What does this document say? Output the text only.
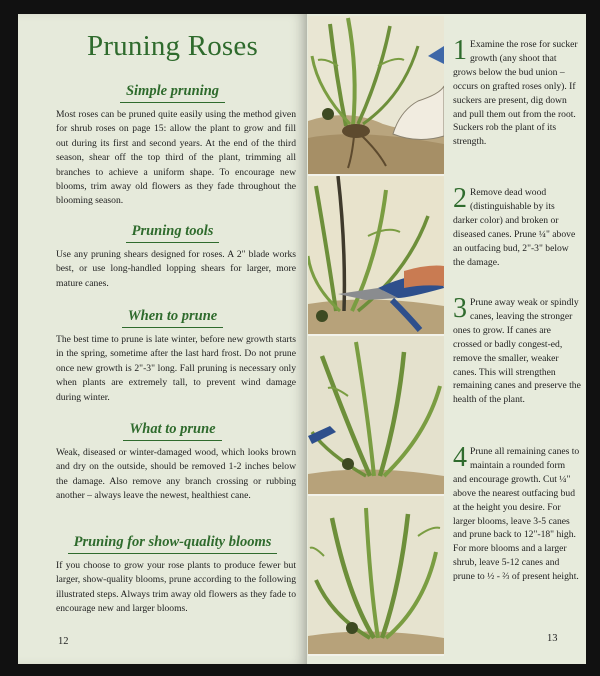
Pruning Roses
Simple pruning
Most roses can be pruned quite easily using the method given for shrub roses on page 15: allow the plant to grow and fill out during its first and second years. At the end of the third season, shear off the top third of the plant, trimming all branches to achieve a uniform shape. To encourage new blooms, trim away old flowers as they fade throughout the blooming season.
Pruning tools
Use any pruning shears designed for roses. A 2" blade works best, or use long-handled lopping shears for larger, more mature canes.
When to prune
The best time to prune is late winter, before new growth starts in the spring, sometime after the last hard frost. Do not prune once new growth is 2"-3" long. Fall pruning is necessary only when plants are extremely tall, to prevent wind damage during winter.
What to prune
Weak, diseased or winter-damaged wood, which looks brown and dry on the outside, should be removed 1-2 inches below the damage. Also remove any branch crossing or rubbing another – always leave the newest, healthiest cane.
Pruning for show-quality blooms
If you choose to grow your rose plants to produce fewer but larger, show-quality blooms, prune according to the following illustrated steps. Always trim away old flowers as they fade to encourage new and larger blooms.
12	13
1 Examine the rose for sucker growth (any shoot that grows below the bud union – occurs on grafted roses only). If suckers are present, dig down and pull them out from the root. Suckers rob the plant of its strength.
2 Remove dead wood (distinguishable by its darker color) and broken or diseased canes. Prune ¼" above an outfacing bud, 2"-3" below the damage.
3 Prune away weak or spindly canes, leaving the stronger ones to grow. If canes are crossed or badly congest-ed, remove the smaller, weaker canes. This will strengthen remaining canes and preserve the health of the plant.
4 Prune all remaining canes to maintain a rounded form and encourage growth. Cut ¼" above the nearest outfacing bud at the height you desire. For larger blooms, leave 3-5 canes and prune back to 12"-18" high. For more blooms and a larger shrub, leave 5-12 canes and prune to ½ - ⅔ of present height.
